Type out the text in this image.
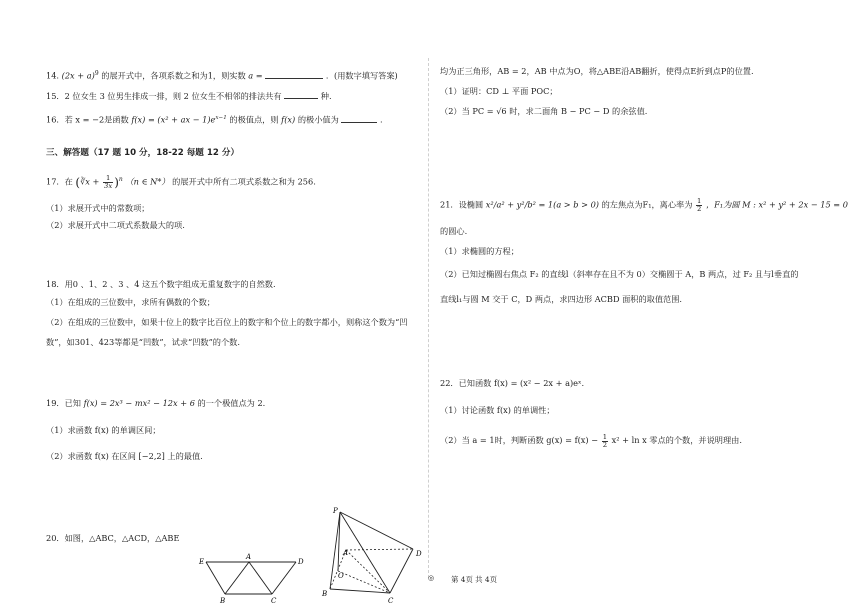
14. $(2x + a)^9$ 的展开式中，各项系数之和为1，则实数 a =	．(用数字填写答案)
15．2 位女生 3 位男生排成一排，则 2 位女生不相邻的排法共有	种.
16．若 x = −2是函数 f(x) = (x² + ax − $1)e^{x-1}$ 的极值点，则 f(x) 的极小值为	.
三、解答题（17 题 10 分，18-22 每题 12 分）
17．在 (∛x + $\frac{1}{3x} )^n$ （n ∈ N*） 的展开式中所有二项式系数之和为 256.
（1）求展开式中的常数项；
（2）求展开式中二项式系数最大的项.
18．用0 、1、2 、3 、4 这五个数字组成无重复数字的自然数.
（1）在组成的三位数中，求所有偶数的个数；
（2）在组成的三位数中，如果十位上的数字比百位上的数字和个位上的数字都小，则称这个数为“凹
数”，如301、423等都是“凹数”，试求“凹数”的个数.
19．已知 f(x) = 2x³ − mx² − 12x + 6 的一个极值点为 2.
（1）求函数 f(x) 的单调区间；
（2）求函数 f(x) 在区间 [−2,2] 上的最值.
20．如图，△ABC，△ACD，△ABE
E
A
D
B	C
P
A	D
O
B
C
均为正三角形，AB = 2，AB 中点为O，将△ABE沿AB翻折，使得点E折到点P的位置.
（1）证明：CD ⊥ 平面 POC；
（2）当 PC = √6 时，求二面角 B − PC − D 的余弦值.
21．设椭圆 x²/a² + y²/b² = 1(a > b > 0) 的左焦点为F₁，离心率为 $\frac{1}{2}$ ，F₁为圆 M : x² + y² + 2x − 15 = 0
的圆心.
（1）求椭圆的方程；
（2）已知过椭圆右焦点 F₂ 的直线l（斜率存在且不为 0）交椭圆于 A，B 两点，过 F₂ 且与l垂直的
直线l₁与圆 M 交于 C，D 两点，求四边形 ACBD 面积的取值范围.
22．已知函数 f(x) = (x² − 2x + a)eˣ.
（1）讨论函数 f(x) 的单调性；
（2）当 a = 1时，判断函数 $g(x) = f(x) - \frac{1}{2} x^2 + \ln x$ 零点的个数，并说明理由.
◎ 第 4页 共 4页
